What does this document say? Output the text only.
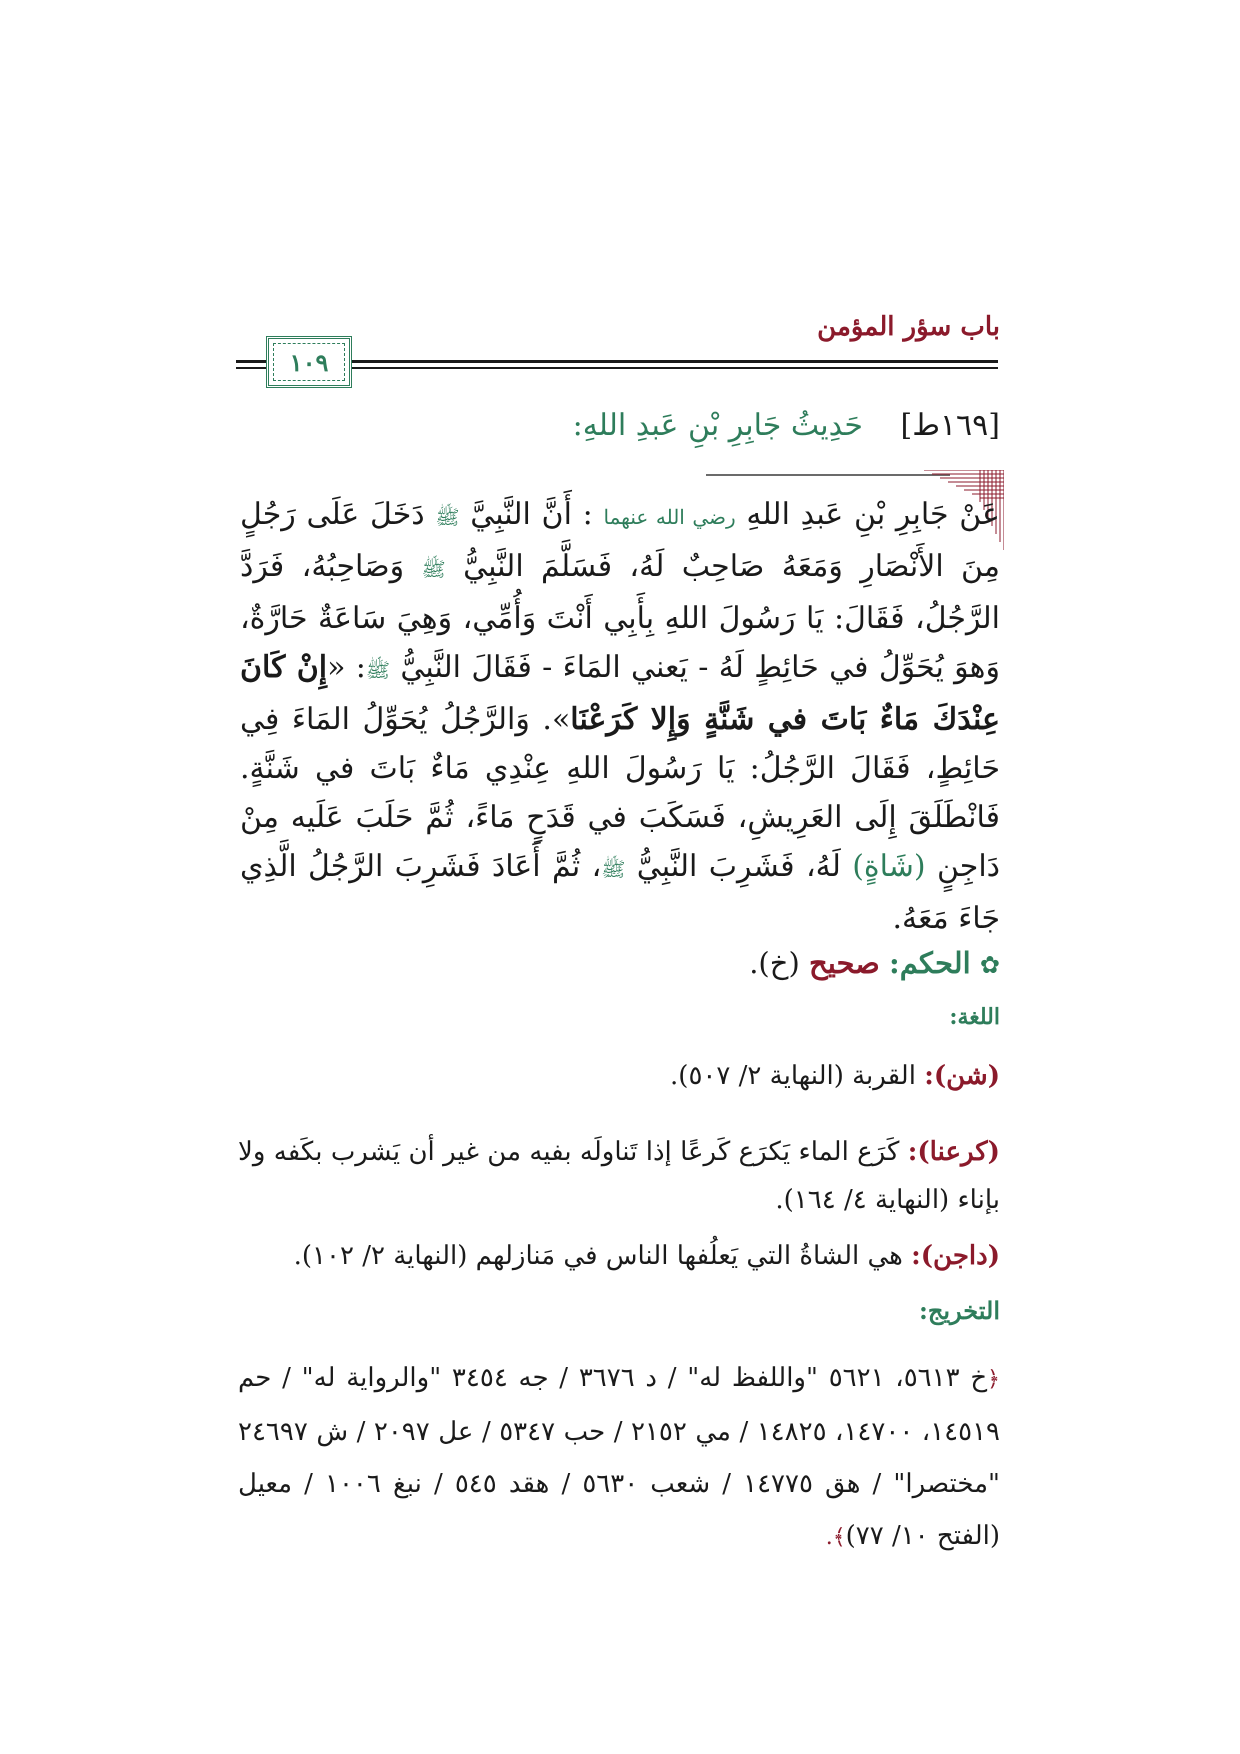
باب سؤر المؤمن
١٠٩
[١٦٩ط] حَدِيثُ جَابِرِ بْنِ عَبدِ اللهِ:

عَنْ جَابِرِ بْنِ عَبدِ اللهِ رضي الله عنهما : أَنَّ النَّبِيَّ ﷺ دَخَلَ عَلَى رَجُلٍ مِنَ الأَنْصَارِ وَمَعَهُ صَاحِبٌ لَهُ، فَسَلَّمَ النَّبِيُّ ﷺ وَصَاحِبُهُ، فَرَدَّ الرَّجُلُ، فَقَالَ: يَا رَسُولَ اللهِ بِأَبِي أَنْتَ وَأُمِّي، وَهِيَ سَاعَةٌ حَارَّةٌ، وَهوَ يُحَوِّلُ في حَائِطٍ لَهُ - يَعني المَاءَ - فَقَالَ النَّبِيُّ ﷺ: «إِنْ كَانَ عِنْدَكَ مَاءٌ بَاتَ في شَنَّةٍ وَإِلا كَرَعْنَا». وَالرَّجُلُ يُحَوِّلُ المَاءَ فِي حَائِطٍ، فَقَالَ الرَّجُلُ: يَا رَسُولَ اللهِ عِنْدِي مَاءٌ بَاتَ في شَنَّةٍ. فَانْطَلَقَ إِلَى العَرِيشِ، فَسَكَبَ في قَدَحٍ مَاءً، ثُمَّ حَلَبَ عَلَيه مِنْ دَاجِنٍ (شَاةٍ) لَهُ، فَشَرِبَ النَّبِيُّ ﷺ، ثُمَّ أَعَادَ فَشَرِبَ الرَّجُلُ الَّذِي جَاءَ مَعَهُ.

✿ الحكم: صحيح (خ).
اللغة:

(شن): القربة (النهاية ٢/ ٥٠٧).

(كرعنا): كَرَع الماء يَكرَع كَرعًا إذا تَناولَه بفيه من غير أن يَشرب بكَفه ولا بإناء (النهاية ٤/ ١٦٤).

(داجن): هي الشاةُ التي يَعلُفها الناس في مَنازلهم (النهاية ٢/ ١٠٢).

التخريج:

﴿خ ٥٦١٣، ٥٦٢١ "واللفظ له" / د ٣٦٧٦ / جه ٣٤٥٤ "والرواية له" / حم ١٤٥١٩، ١٤٧٠٠، ١٤٨٢٥ / مي ٢١٥٢ / حب ٥٣٤٧ / عل ٢٠٩٧ / ش ٢٤٦٩٧ "مختصرا" / هق ١٤٧٧٥ / شعب ٥٦٣٠ / هقد ٥٤٥ / نبغ ١٠٠٦ / معيل (الفتح ١٠/ ٧٧)﴾.
